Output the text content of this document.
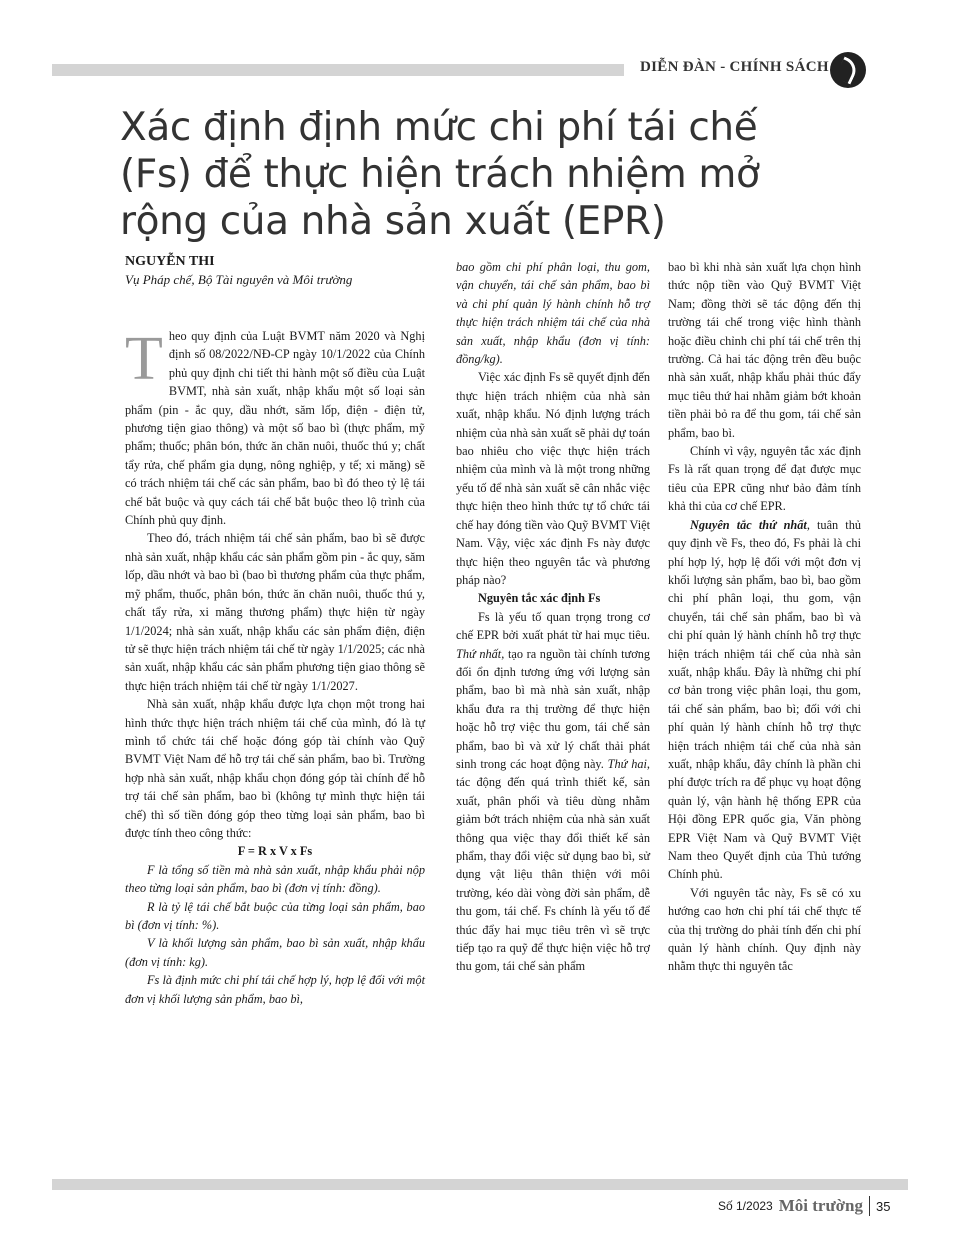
DIỄN ĐÀN - CHÍNH SÁCH
Xác định định mức chi phí tái chế (Fs) để thực hiện trách nhiệm mở rộng của nhà sản xuất (EPR)
NGUYỄN THI
Vụ Pháp chế, Bộ Tài nguyên và Môi trường

Theo quy định của Luật BVMT năm 2020 và Nghị định số 08/2022/NĐ-CP ngày 10/1/2022 của Chính phủ quy định chi tiết thi hành một số điều của Luật BVMT, nhà sản xuất, nhập khẩu một số loại sản phẩm (pin - ắc quy, dầu nhớt, săm lốp, điện - điện tử, phương tiện giao thông) và một số bao bì (thực phẩm, mỹ phẩm; thuốc; phân bón, thức ăn chăn nuôi, thuốc thú y; chất tẩy rửa, chế phẩm gia dụng, nông nghiệp, y tế; xi măng) sẽ có trách nhiệm tái chế các sản phẩm, bao bì đó theo tỷ lệ tái chế bắt buộc và quy cách tái chế bắt buộc theo lộ trình của Chính phủ quy định.

Theo đó, trách nhiệm tái chế sản phẩm, bao bì sẽ được nhà sản xuất, nhập khẩu các sản phẩm gồm pin - ắc quy, săm lốp, dầu nhớt và bao bì (bao bì thương phẩm của thực phẩm, mỹ phẩm, thuốc, phân bón, thức ăn chăn nuôi, thuốc thú y, chất tẩy rửa, xi măng thương phẩm) thực hiện từ ngày 1/1/2024; nhà sản xuất, nhập khẩu các sản phẩm điện, điện tử sẽ thực hiện trách nhiệm tái chế từ ngày 1/1/2025; các nhà sản xuất, nhập khẩu các sản phẩm phương tiện giao thông sẽ thực hiện trách nhiệm tái chế từ ngày 1/1/2027.

Nhà sản xuất, nhập khẩu được lựa chọn một trong hai hình thức thực hiện trách nhiệm tái chế của mình, đó là tự mình tổ chức tái chế hoặc đóng góp tài chính vào Quỹ BVMT Việt Nam để hỗ trợ tái chế sản phẩm, bao bì. Trường hợp nhà sản xuất, nhập khẩu chọn đóng góp tài chính để hỗ trợ tái chế sản phẩm, bao bì (không tự mình thực hiện tái chế) thì số tiền đóng góp theo từng loại sản phẩm, bao bì được tính theo công thức:

F = R x V x Fs

F là tổng số tiền mà nhà sản xuất, nhập khẩu phải nộp theo từng loại sản phẩm, bao bì (đơn vị tính: đồng).

R là tỷ lệ tái chế bắt buộc của từng loại sản phẩm, bao bì (đơn vị tính: %).

V là khối lượng sản phẩm, bao bì sản xuất, nhập khẩu (đơn vị tính: kg).

Fs là định mức chi phí tái chế hợp lý, hợp lệ đối với một đơn vị khối lượng sản phẩm, bao bì,

bao gồm chi phí phân loại, thu gom, vận chuyển, tái chế sản phẩm, bao bì và chi phí quản lý hành chính hỗ trợ thực hiện trách nhiệm tái chế của nhà sản xuất, nhập khẩu (đơn vị tính: đồng/kg).

Việc xác định Fs sẽ quyết định đến thực hiện trách nhiệm của nhà sản xuất, nhập khẩu. Nó định lượng trách nhiệm của nhà sản xuất sẽ phải dự toán bao nhiêu cho việc thực hiện trách nhiệm của mình và là một trong những yếu tố để nhà sản xuất sẽ cân nhắc việc thực hiện theo hình thức tự tổ chức tái chế hay đóng tiền vào Quỹ BVMT Việt Nam. Vậy, việc xác định Fs này được thực hiện theo nguyên tắc và phương pháp nào?

Nguyên tắc xác định Fs

Fs là yếu tố quan trọng trong cơ chế EPR bởi xuất phát từ hai mục tiêu. Thứ nhất, tạo ra nguồn tài chính tương đối ổn định tương ứng với lượng sản phẩm, bao bì mà nhà sản xuất, nhập khẩu đưa ra thị trường để thực hiện hoặc hỗ trợ việc thu gom, tái chế sản phẩm, bao bì và xử lý chất thải phát sinh trong các hoạt động này. Thứ hai, tác động đến quá trình thiết kế, sản xuất, phân phối và tiêu dùng nhằm giảm bớt trách nhiệm của nhà sản xuất thông qua việc thay đổi thiết kế sản phẩm, thay đổi việc sử dụng bao bì, sử dụng vật liệu thân thiện với môi trường, kéo dài vòng đời sản phẩm, dễ thu gom, tái chế. Fs chính là yếu tố để thúc đẩy hai mục tiêu trên vì sẽ trực tiếp tạo ra quỹ để thực hiện việc hỗ trợ thu gom, tái chế sản phẩm

bao bì khi nhà sản xuất lựa chọn hình thức nộp tiền vào Quỹ BVMT Việt Nam; đồng thời sẽ tác động đến thị trường tái chế trong việc hình thành hoặc điều chỉnh chi phí tái chế trên thị trường. Cả hai tác động trên đều buộc nhà sản xuất, nhập khẩu phải thúc đẩy mục tiêu thứ hai nhằm giảm bớt khoản tiền phải bỏ ra để thu gom, tái chế sản phẩm, bao bì.

Chính vì vậy, nguyên tắc xác định Fs là rất quan trọng để đạt được mục tiêu của EPR cũng như bảo đảm tính khả thi của cơ chế EPR.

Nguyên tắc thứ nhất, tuân thủ quy định về Fs, theo đó, Fs phải là chi phí hợp lý, hợp lệ đối với một đơn vị khối lượng sản phẩm, bao bì, bao gồm chi phí phân loại, thu gom, vận chuyển, tái chế sản phẩm, bao bì và chi phí quản lý hành chính hỗ trợ thực hiện trách nhiệm tái chế của nhà sản xuất, nhập khẩu. Đây là những chi phí cơ bản trong việc phân loại, thu gom, tái chế sản phẩm, bao bì; đối với chi phí quản lý hành chính hỗ trợ thực hiện trách nhiệm tái chế của nhà sản xuất, nhập khẩu, đây chính là phần chi phí được trích ra để phục vụ hoạt động quản lý, vận hành hệ thống EPR của Hội đồng EPR quốc gia, Văn phòng EPR Việt Nam và Quỹ BVMT Việt Nam theo Quyết định của Thủ tướng Chính phủ.

Với nguyên tắc này, Fs sẽ có xu hướng cao hơn chi phí tái chế thực tế của thị trường do phải tính đến chi phí quản lý hành chính. Quy định này nhằm thực thi nguyên tắc

Số 1/2023 Môi trường 35
